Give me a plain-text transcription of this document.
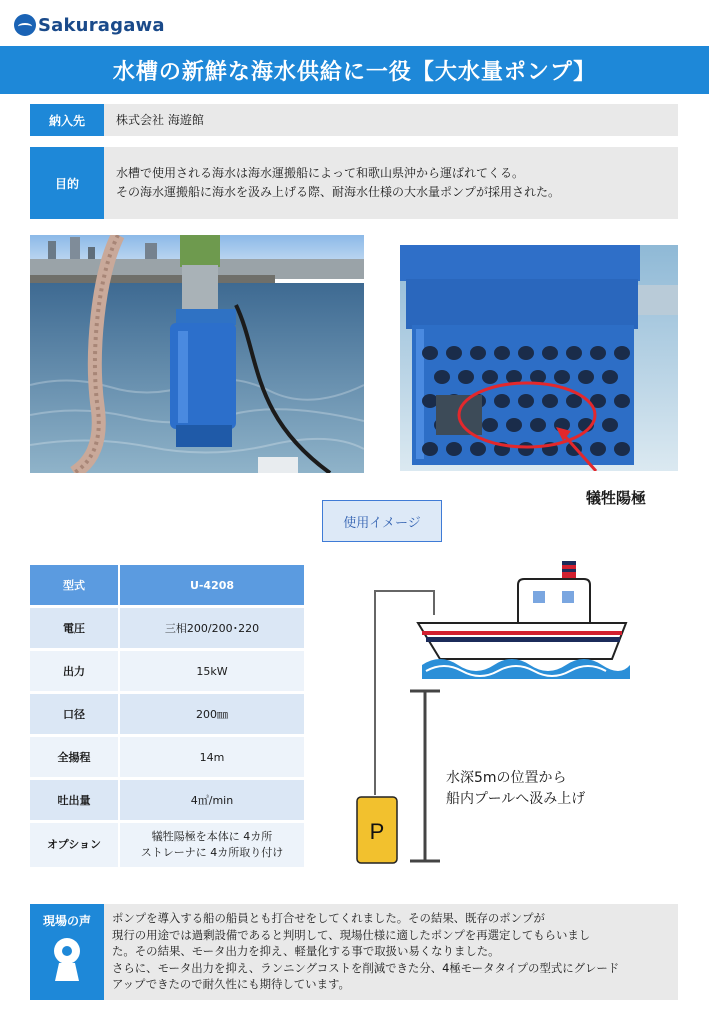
Sakuragawa
水槽の新鮮な海水供給に一役【大水量ポンプ】
納入先	株式会社 海遊館
目的
水槽で使用される海水は海水運搬船によって和歌山県沖から運ばれてくる。
その海水運搬船に海水を汲み上げる際、耐海水仕様の大水量ポンプが採用された。
犠牲陽極
使用イメージ
型式	U-4208
電圧	三相200/200･220
出力	15kW
口径	200㎜
全揚程	14m
吐出量	4㎥/min
オプション	犠牲陽極を本体に 4カ所
ストレーナに 4カ所取り付け
P
水深5mの位置から
船内プールへ汲み上げ
現場の声 ポンプを導入する船の船員とも打合せをしてくれました。その結果、既存のポンプが
現行の用途では過剰設備であると判明して、現場仕様に適したポンプを再選定してもらいまし
た。その結果、モータ出力を抑え、軽量化する事で取扱い易くなりました。
さらに、モータ出力を抑え、ランニングコストを削減できた分、4極モータタイプの型式にグレード
アップできたので耐久性にも期待しています。
